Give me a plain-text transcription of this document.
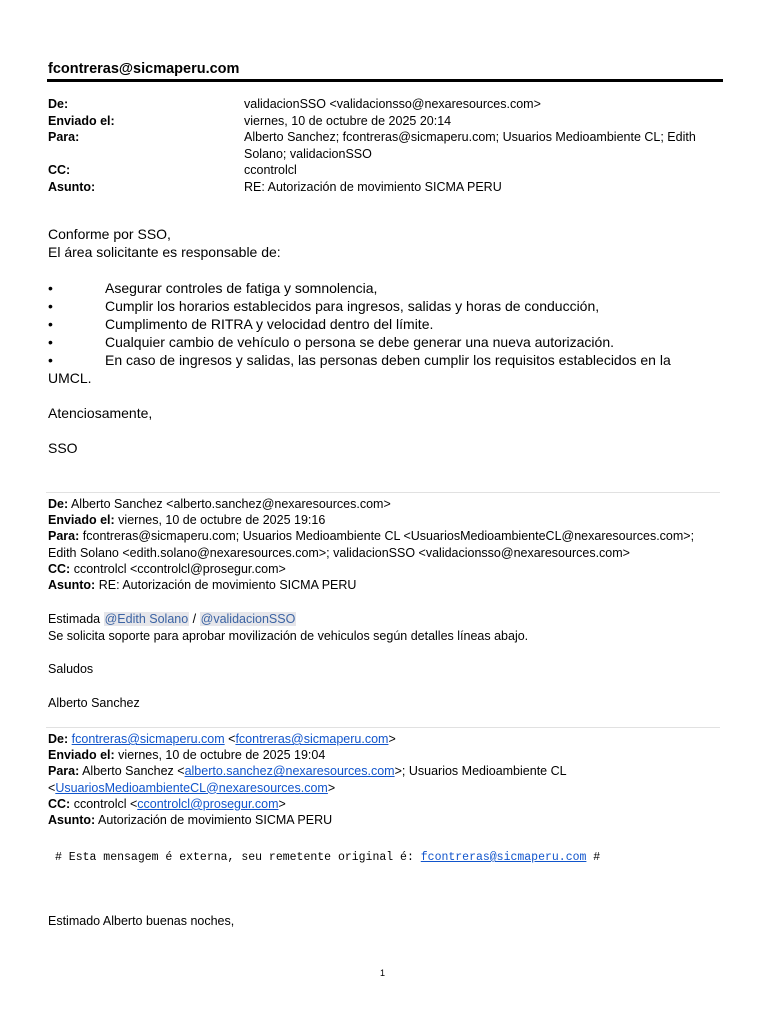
fcontreras@sicmaperu.com
De:	validacionSSO <validacionsso@nexaresources.com>
Enviado el:	viernes, 10 de octubre de 2025 20:14
Para:	Alberto Sanchez; fcontreras@sicmaperu.com; Usuarios Medioambiente CL; Edith
Solano; validacionSSO
CC:	ccontrolcl
Asunto:	RE: Autorización de movimiento SICMA PERU

Conforme por SSO,

El área solicitante es responsable de:

•	Asegurar controles de fatiga y somnolencia,
•	Cumplir los horarios establecidos para ingresos, salidas y horas de conducción,
•	Cumplimento de RITRA y velocidad dentro del límite.
•	Cualquier cambio de vehículo o persona se debe generar una nueva autorización.
•	En caso de ingresos y salidas, las personas deben cumplir los requisitos establecidos en la
UMCL.

Atenciosamente,

SSO

De: Alberto Sanchez <alberto.sanchez@nexaresources.com>
Enviado el: viernes, 10 de octubre de 2025 19:16
Para: fcontreras@sicmaperu.com; Usuarios Medioambiente CL <UsuariosMedioambienteCL@nexaresources.com>;
Edith Solano <edith.solano@nexaresources.com>; validacionSSO <validacionsso@nexaresources.com>
CC: ccontrolcl <ccontrolcl@prosegur.com>
Asunto: RE: Autorización de movimiento SICMA PERU
Estimada @Edith Solano / @validacionSSO
Se solicita soporte para aprobar movilización de vehiculos según detalles líneas abajo.
Saludos
Alberto Sanchez
De: fcontreras@sicmaperu.com <fcontreras@sicmaperu.com>
Enviado el: viernes, 10 de octubre de 2025 19:04
Para: Alberto Sanchez <alberto.sanchez@nexaresources.com>; Usuarios Medioambiente CL
<UsuariosMedioambienteCL@nexaresources.com>
CC: ccontrolcl <ccontrolcl@prosegur.com>
Asunto: Autorización de movimiento SICMA PERU
# Esta mensagem é externa, seu remetente original é: fcontreras@sicmaperu.com #
Estimado Alberto buenas noches,
1
